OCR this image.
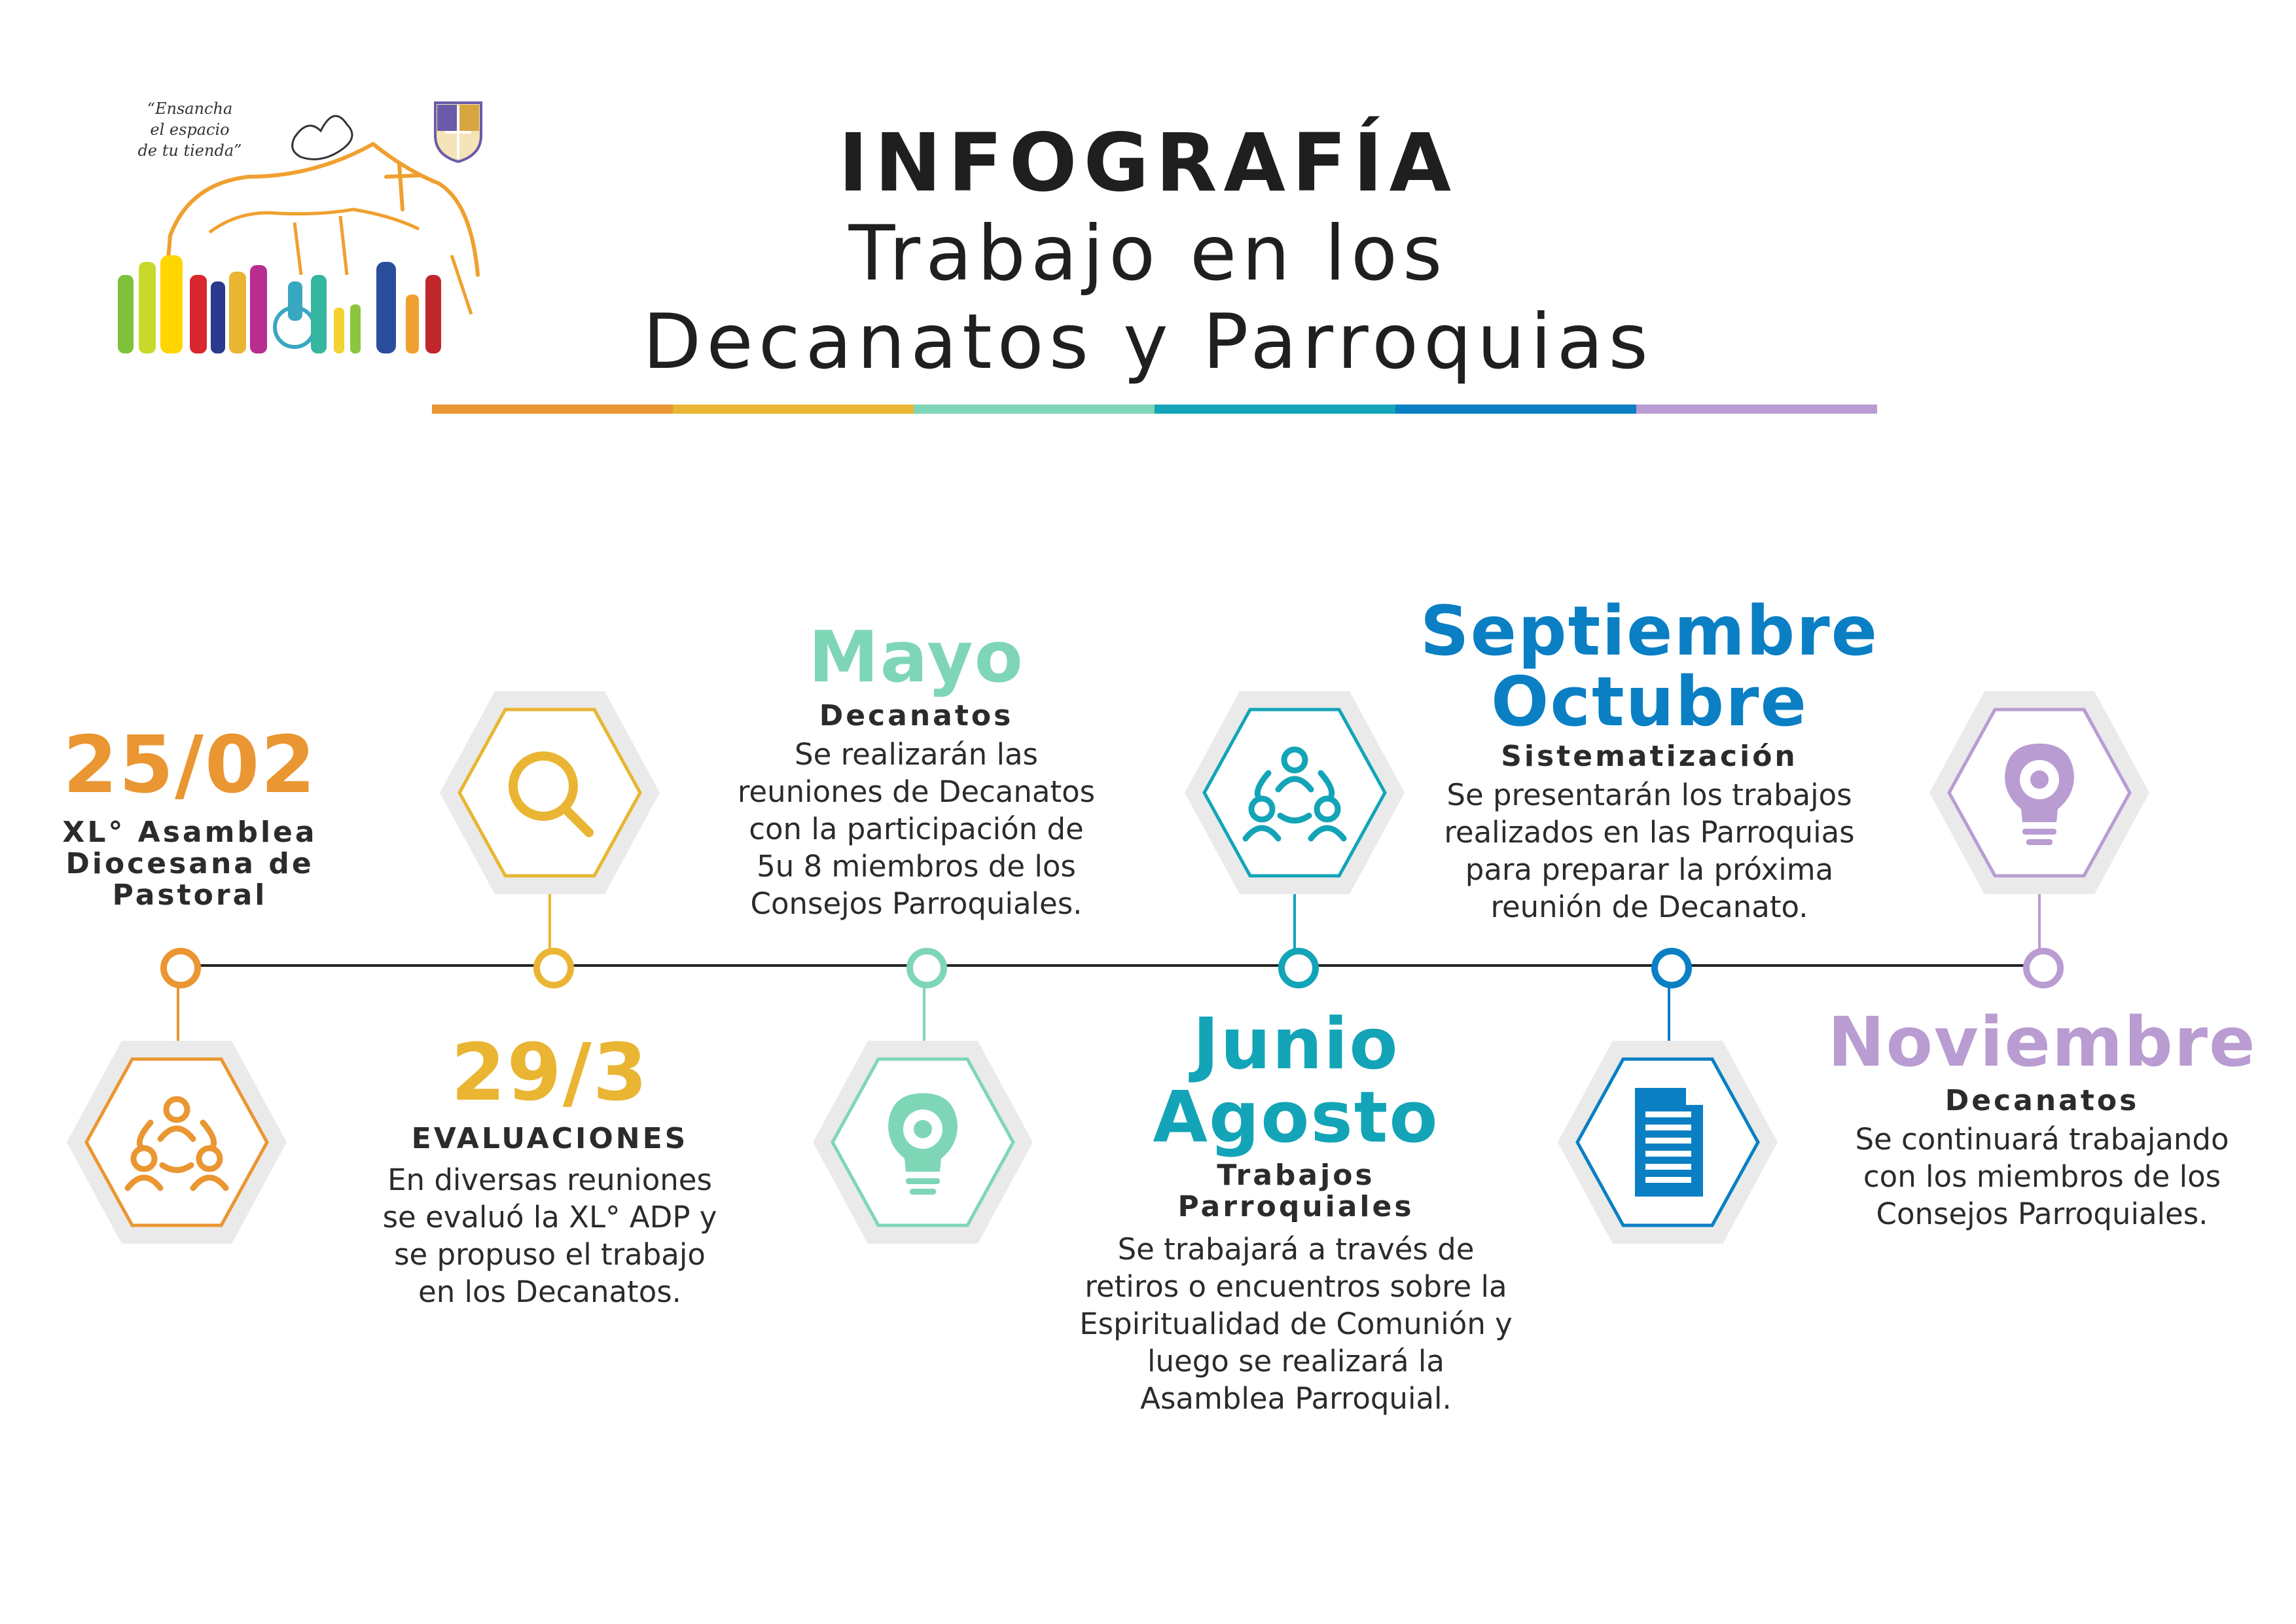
“Ensancha
el espacio
de tu tienda”	INFOGRAFÍA
Trabajo en los
Decanatos y Parroquias
25/02
XL° Asamblea
Diocesana de
Pastoral
29/3
EVALUACIONES
En diversas reuniones
se evaluó la XL° ADP y
se propuso el trabajo
en los Decanatos.
Mayo
Decanatos
Se realizarán las
reuniones de Decanatos
con la participación de
5u 8 miembros de los
Consejos Parroquiales.
Junio
Agosto
Trabajos
Parroquiales
Se trabajará a través de
retiros o encuentros sobre la
Espiritualidad de Comunión y
luego se realizará la
Asamblea Parroquial.
Septiembre
Octubre
Sistematización
Se presentarán los trabajos
realizados en las Parroquias
para preparar la próxima
reunión de Decanato.
Noviembre
Decanatos
Se continuará trabajando
con los miembros de los
Consejos Parroquiales.
